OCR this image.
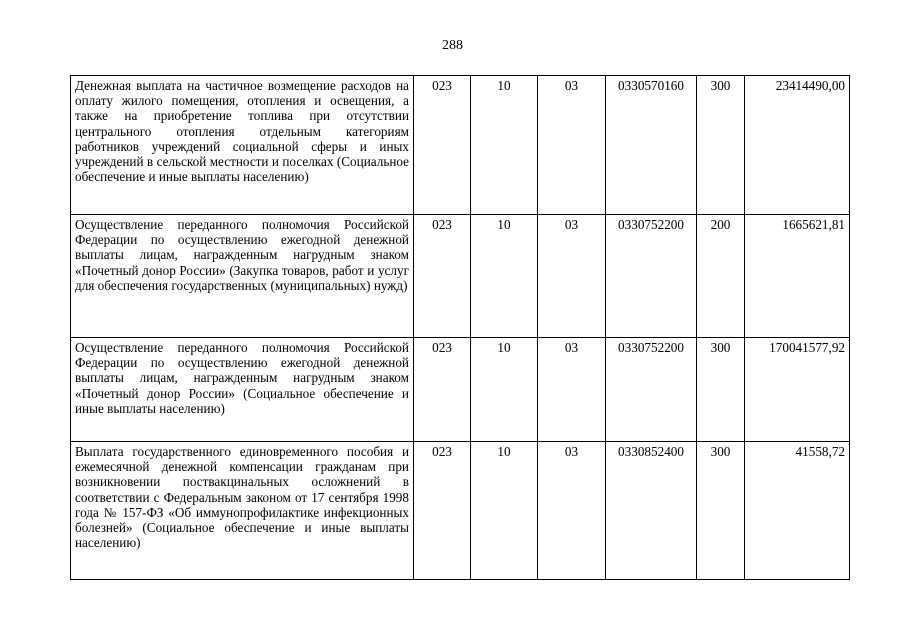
288
Денежная выплата на частичное возмещение расходов на оплату жилого помещения, отопления и освещения, а также на приобретение топлива при отсутствии центрального отопления отдельным категориям работников учреждений социальной сферы и иных учреждений в сельской местности и поселках (Социальное обеспечение и иные выплаты населению)	023	10	03	0330570160	300	23414490,00
Осуществление переданного полномочия Российской Федерации по осуществлению ежегодной денежной выплаты лицам, награжденным нагрудным знаком «Почетный донор России» (Закупка товаров, работ и услуг для обеспечения государственных (муниципальных) нужд)	023	10	03	0330752200	200	1665621,81
Осуществление переданного полномочия Российской Федерации по осуществлению ежегодной денежной выплаты лицам, награжденным нагрудным знаком «Почетный донор России» (Социальное обеспечение и иные выплаты населению)	023	10	03	0330752200	300	170041577,92
Выплата государственного единовременного пособия и ежемесячной денежной компенсации гражданам при возникновении поствакцинальных осложнений в соответствии с Федеральным законом от 17 сентября 1998 года № 157-ФЗ «Об иммунопрофилактике инфекционных болезней» (Социальное обеспечение и иные выплаты населению)	023	10	03	0330852400	300	41558,72
